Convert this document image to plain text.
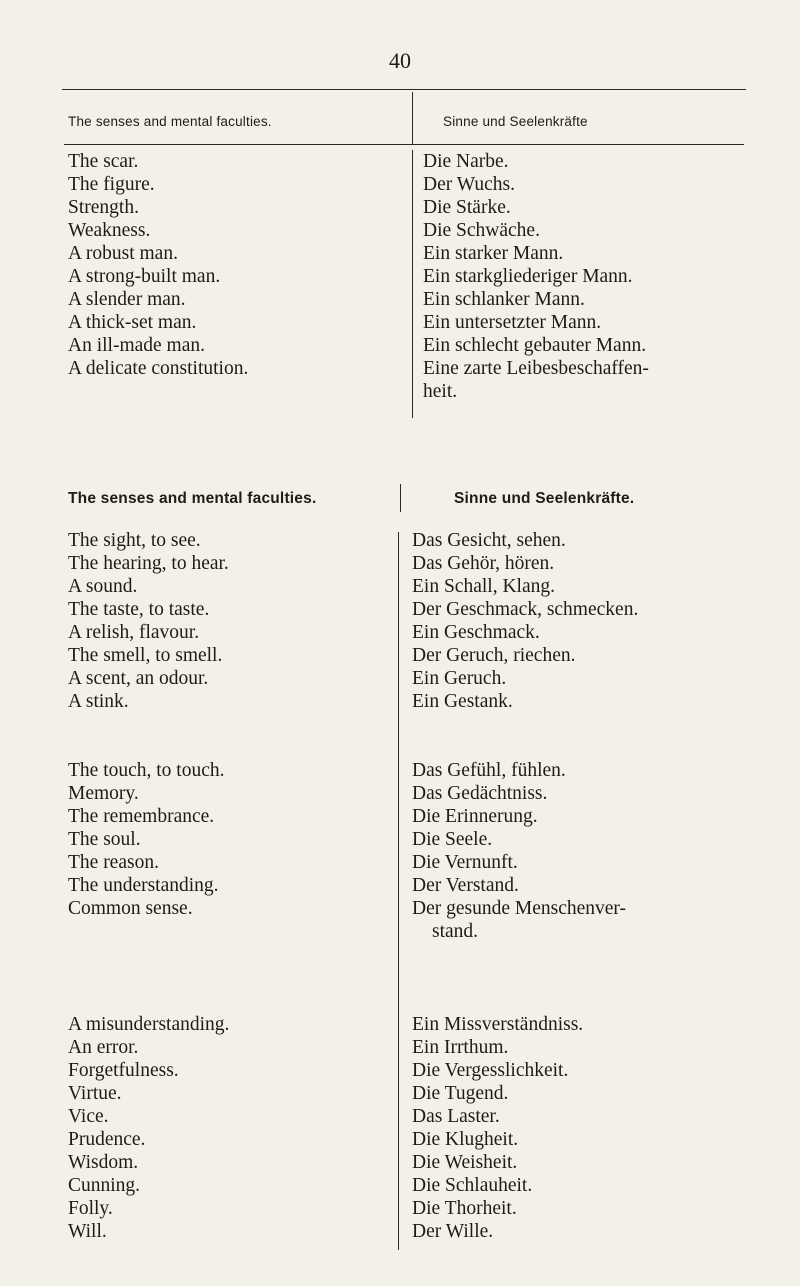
40
The senses and mental faculties.	Sinne und Seelenkräfte
The scar.
The figure.
Strength.
Weakness.
A robust man.
A strong-built man.
A slender man.
A thick-set man.
An ill-made man.
A delicate constitution.
Die Narbe.
Der Wuchs.
Die Stärke.
Die Schwäche.
Ein starker Mann.
Ein starkgliederiger Mann.
Ein schlanker Mann.
Ein untersetzter Mann.
Ein schlecht gebauter Mann.
Eine zarte Leibesbeschaffen-
heit.
The senses and mental faculties.	Sinne und Seelenkräfte.
The sight, to see.
The hearing, to hear.
A sound.
The taste, to taste.
A relish, flavour.
The smell, to smell.
A scent, an odour.
A stink.
Das Gesicht, sehen.
Das Gehör, hören.
Ein Schall, Klang.
Der Geschmack, schmecken.
Ein Geschmack.
Der Geruch, riechen.
Ein Geruch.
Ein Gestank.
The touch, to touch.
Memory.
The remembrance.
The soul.
The reason.
The understanding.
Common sense.
Das Gefühl, fühlen.
Das Gedächtniss.
Die Erinnerung.
Die Seele.
Die Vernunft.
Der Verstand.
Der gesunde Menschenver-
stand.
A misunderstanding.
An error.
Forgetfulness.
Virtue.
Vice.
Prudence.
Wisdom.
Cunning.
Folly.
Will.
Ein Missverständniss.
Ein Irrthum.
Die Vergesslichkeit.
Die Tugend.
Das Laster.
Die Klugheit.
Die Weisheit.
Die Schlauheit.
Die Thorheit.
Der Wille.
